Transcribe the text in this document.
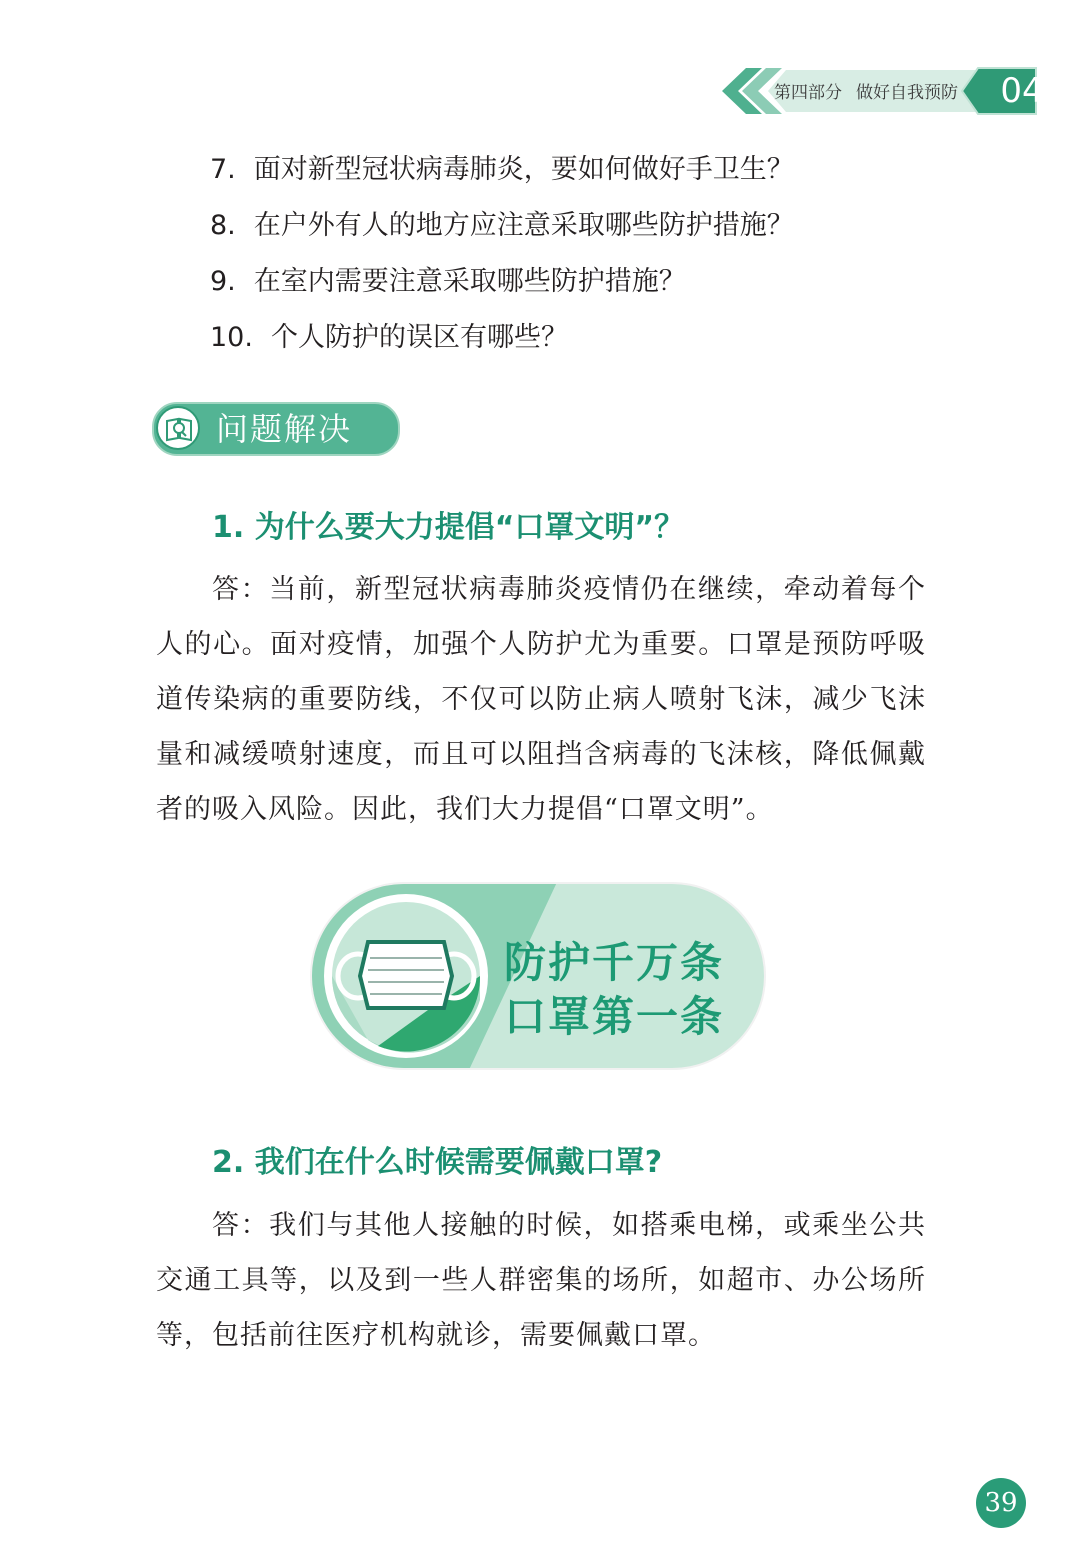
第四部分 做好自我预防	04
7. 面对新型冠状病毒肺炎，要如何做好手卫生？
8. 在户外有人的地方应注意采取哪些防护措施？
9. 在室内需要注意采取哪些防护措施？
10. 个人防护的误区有哪些？
问题解决
1. 为什么要大力提倡“口罩文明”？

答：当前，新型冠状病毒肺炎疫情仍在继续，牵动着每个人的心。面对疫情，加强个人防护尤为重要。口罩是预防呼吸道传染病的重要防线，不仅可以防止病人喷射飞沫，减少飞沫量和减缓喷射速度，而且可以阻挡含病毒的飞沫核，降低佩戴者的吸入风险。因此，我们大力提倡“口罩文明”。

防护千万条
口罩第一条
2. 我们在什么时候需要佩戴口罩?

答：我们与其他人接触的时候，如搭乘电梯，或乘坐公共交通工具等，以及到一些人群密集的场所，如超市、办公场所等，包括前往医疗机构就诊，需要佩戴口罩。

39
